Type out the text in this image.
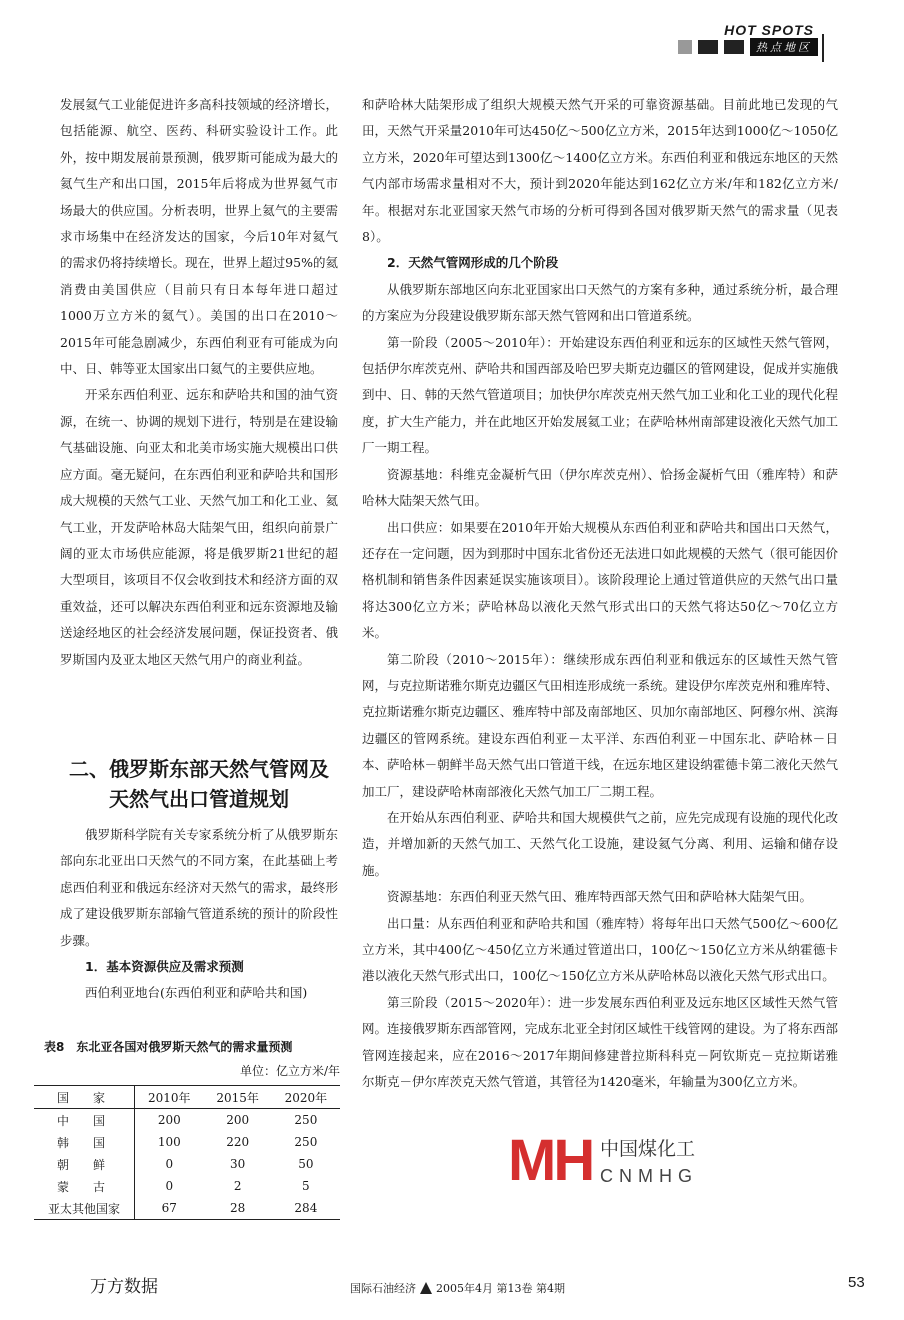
HOT SPOTS
热点地区

发展氦气工业能促进许多高科技领域的经济增长，包括能源、航空、医药、科研实验设计工作。此外，按中期发展前景预测，俄罗斯可能成为最大的氦气生产和出口国，2015年后将成为世界氦气市场最大的供应国。分析表明，世界上氦气的主要需求市场集中在经济发达的国家，今后10年对氦气的需求仍将持续增长。现在，世界上超过95%的氦消费由美国供应（目前只有日本每年进口超过1000万立方米的氦气）。美国的出口在2010～2015年可能急剧减少，东西伯利亚有可能成为向中、日、韩等亚太国家出口氦气的主要供应地。

开采东西伯利亚、远东和萨哈共和国的油气资源，在统一、协调的规划下进行，特别是在建设输气基础设施、向亚太和北美市场实施大规模出口供应方面。毫无疑问，在东西伯利亚和萨哈共和国形成大规模的天然气工业、天然气加工和化工业、氦气工业，开发萨哈林岛大陆架气田，组织向前景广阔的亚太市场供应能源，将是俄罗斯21世纪的超大型项目，该项目不仅会收到技术和经济方面的双重效益，还可以解决东西伯利亚和远东资源地及输送途经地区的社会经济发展问题，保证投资者、俄罗斯国内及亚太地区天然气用户的商业利益。

二、俄罗斯东部天然气管网及
天然气出口管道规划

俄罗斯科学院有关专家系统分析了从俄罗斯东部向东北亚出口天然气的不同方案，在此基础上考虑西伯利亚和俄远东经济对天然气的需求，最终形成了建设俄罗斯东部输气管道系统的预计的阶段性步骤。

1．基本资源供应及需求预测

西伯利亚地台(东西伯利亚和萨哈共和国)

表8　东北亚各国对俄罗斯天然气的需求量预测
单位：亿立方米/年
国　家	2010年	2015年	2020年
中　国	200	200	250
韩　国	100	220	250
朝　鲜	0	30	50
蒙　古	0	2	5
亚太其他国家	67	28	284

和萨哈林大陆架形成了组织大规模天然气开采的可靠资源基础。目前此地已发现的气田，天然气开采量2010年可达450亿～500亿立方米，2015年达到1000亿～1050亿立方米，2020年可望达到1300亿～1400亿立方米。东西伯利亚和俄远东地区的天然气内部市场需求量相对不大，预计到2020年能达到162亿立方米/年和182亿立方米/年。根据对东北亚国家天然气市场的分析可得到各国对俄罗斯天然气的需求量（见表8）。

2．天然气管网形成的几个阶段

从俄罗斯东部地区向东北亚国家出口天然气的方案有多种，通过系统分析，最合理的方案应为分段建设俄罗斯东部天然气管网和出口管道系统。

第一阶段（2005～2010年）：开始建设东西伯利亚和远东的区域性天然气管网，包括伊尔库茨克州、萨哈共和国西部及哈巴罗夫斯克边疆区的管网建设，促成并实施俄到中、日、韩的天然气管道项目；加快伊尔库茨克州天然气加工业和化工业的现代化程度，扩大生产能力，并在此地区开始发展氦工业；在萨哈林州南部建设液化天然气加工厂一期工程。

资源基地：科维克金凝析气田（伊尔库茨克州）、恰扬金凝析气田（雅库特）和萨哈林大陆架天然气田。

出口供应：如果要在2010年开始大规模从东西伯利亚和萨哈共和国出口天然气，还存在一定问题，因为到那时中国东北省份还无法进口如此规模的天然气（很可能因价格机制和销售条件因素延误实施该项目）。该阶段理论上通过管道供应的天然气出口量将达300亿立方米；萨哈林岛以液化天然气形式出口的天然气将达50亿～70亿立方米。

第二阶段（2010～2015年）：继续形成东西伯利亚和俄远东的区域性天然气管网，与克拉斯诺雅尔斯克边疆区气田相连形成统一系统。建设伊尔库茨克州和雅库特、克拉斯诺雅尔斯克边疆区、雅库特中部及南部地区、贝加尔南部地区、阿穆尔州、滨海边疆区的管网系统。建设东西伯利亚－太平洋、东西伯利亚－中国东北、萨哈林－日本、萨哈林－朝鲜半岛天然气出口管道干线，在远东地区建设纳霍德卡第二液化天然气加工厂，建设萨哈林南部液化天然气加工厂二期工程。

在开始从东西伯利亚、萨哈共和国大规模供气之前，应先完成现有设施的现代化改造，并增加新的天然气加工、天然气化工设施，建设氦气分离、利用、运输和储存设施。

资源基地：东西伯利亚天然气田、雅库特西部天然气田和萨哈林大陆架气田。

出口量：从东西伯利亚和萨哈共和国（雅库特）将每年出口天然气500亿～600亿立方米，其中400亿～450亿立方米通过管道出口，100亿～150亿立方米从纳霍德卡港以液化天然气形式出口，100亿～150亿立方米从萨哈林岛以液化天然气形式出口。

第三阶段（2015～2020年）：进一步发展东西伯利亚及远东地区区域性天然气管网。连接俄罗斯东西部管网，完成东北亚全封闭区域性干线管网的建设。为了将东西部管网连接起来，应在2016～2017年期间修建普拉斯科科克－阿钦斯克－克拉斯诺雅尔斯克－伊尔库茨克天然气管道，其管径为1420毫米，年输量为300亿立方米。

MH 中国煤化工
CNMHG
万方数据	国际石油经济 2005年4月 第13卷 第4期	53
